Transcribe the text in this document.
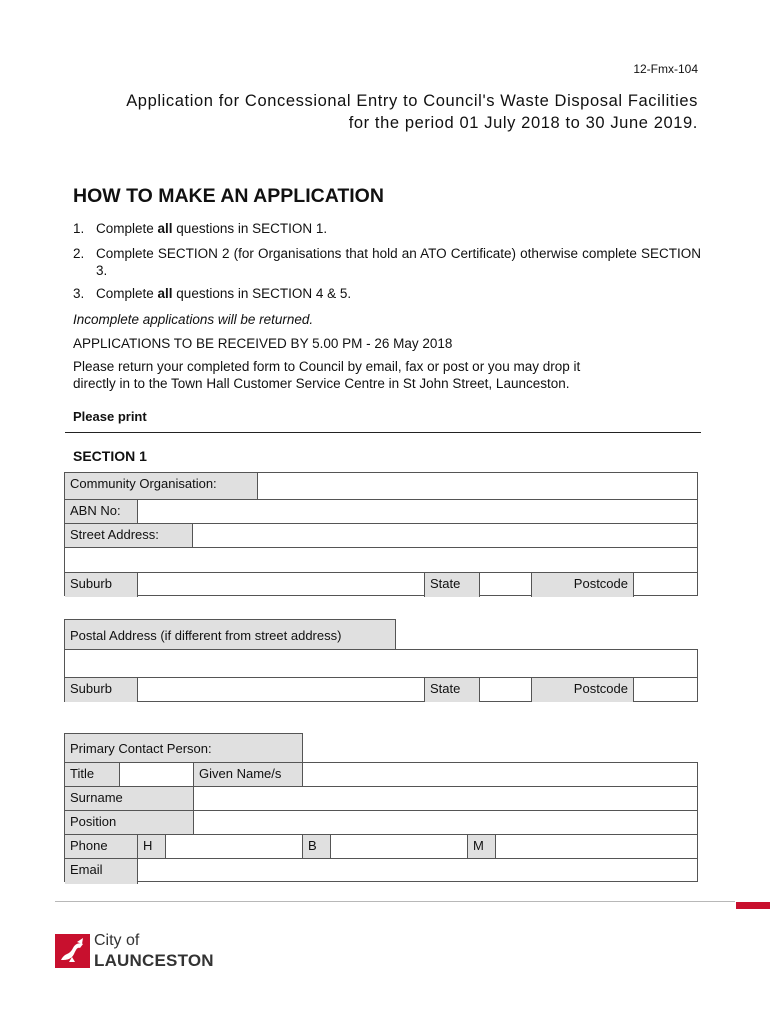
12-Fmx-104
Application for Concessional Entry to Council's Waste Disposal Facilities
for the period 01 July 2018 to 30 June 2019.
HOW TO MAKE AN APPLICATION
1. Complete all questions in SECTION 1.
2. Complete SECTION 2 (for Organisations that hold an ATO Certificate) otherwise complete SECTION 3.
3. Complete all questions in SECTION 4 & 5.
Incomplete applications will be returned.
APPLICATIONS TO BE RECEIVED BY 5.00 PM - 26 May 2018
Please return your completed form to Council by email, fax or post or you may drop it
directly in to the Town Hall Customer Service Centre in St John Street, Launceston.
Please print
SECTION 1
Community Organisation:
ABN No:
Street Address:
Suburb	State	Postcode
Postal Address (if different from street address)
Suburb	State	Postcode
Primary Contact Person:
Title	Given Name/s
Surname
Position
Phone	H	B	M
Email
City of
LAUNCESTON
